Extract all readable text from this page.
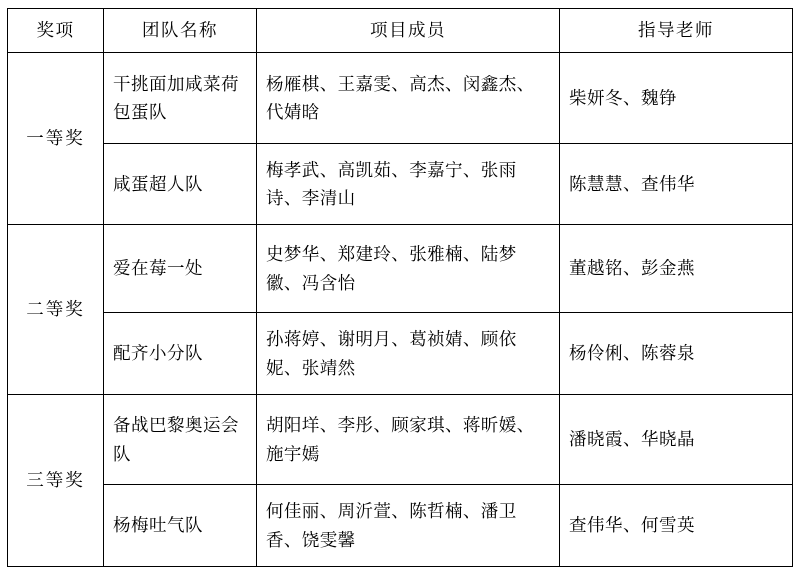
奖项	团队名称	项目成员	指导老师
一等奖	干挑面加咸菜荷包蛋队	杨雁棋、王嘉雯、高杰、闵鑫杰、代婧晗	柴妍冬、魏铮
	咸蛋超人队	梅孝武、高凯茹、李嘉宁、张雨诗、李清山	陈慧慧、查伟华
二等奖	爱在莓一处	史梦华、郑建玲、张雅楠、陆梦徽、冯含怡	董越铭、彭金燕
	配齐小分队	孙蒋婷、谢明月、葛祯婧、顾依妮、张靖然	杨伶俐、陈蓉泉
三等奖	备战巴黎奥运会队	胡阳垟、李彤、顾家琪、蒋昕媛、施宇嫣	潘晓霞、华晓晶
	杨梅吐气队	何佳丽、周沂萱、陈哲楠、潘卫香、饶雯馨	查伟华、何雪英
